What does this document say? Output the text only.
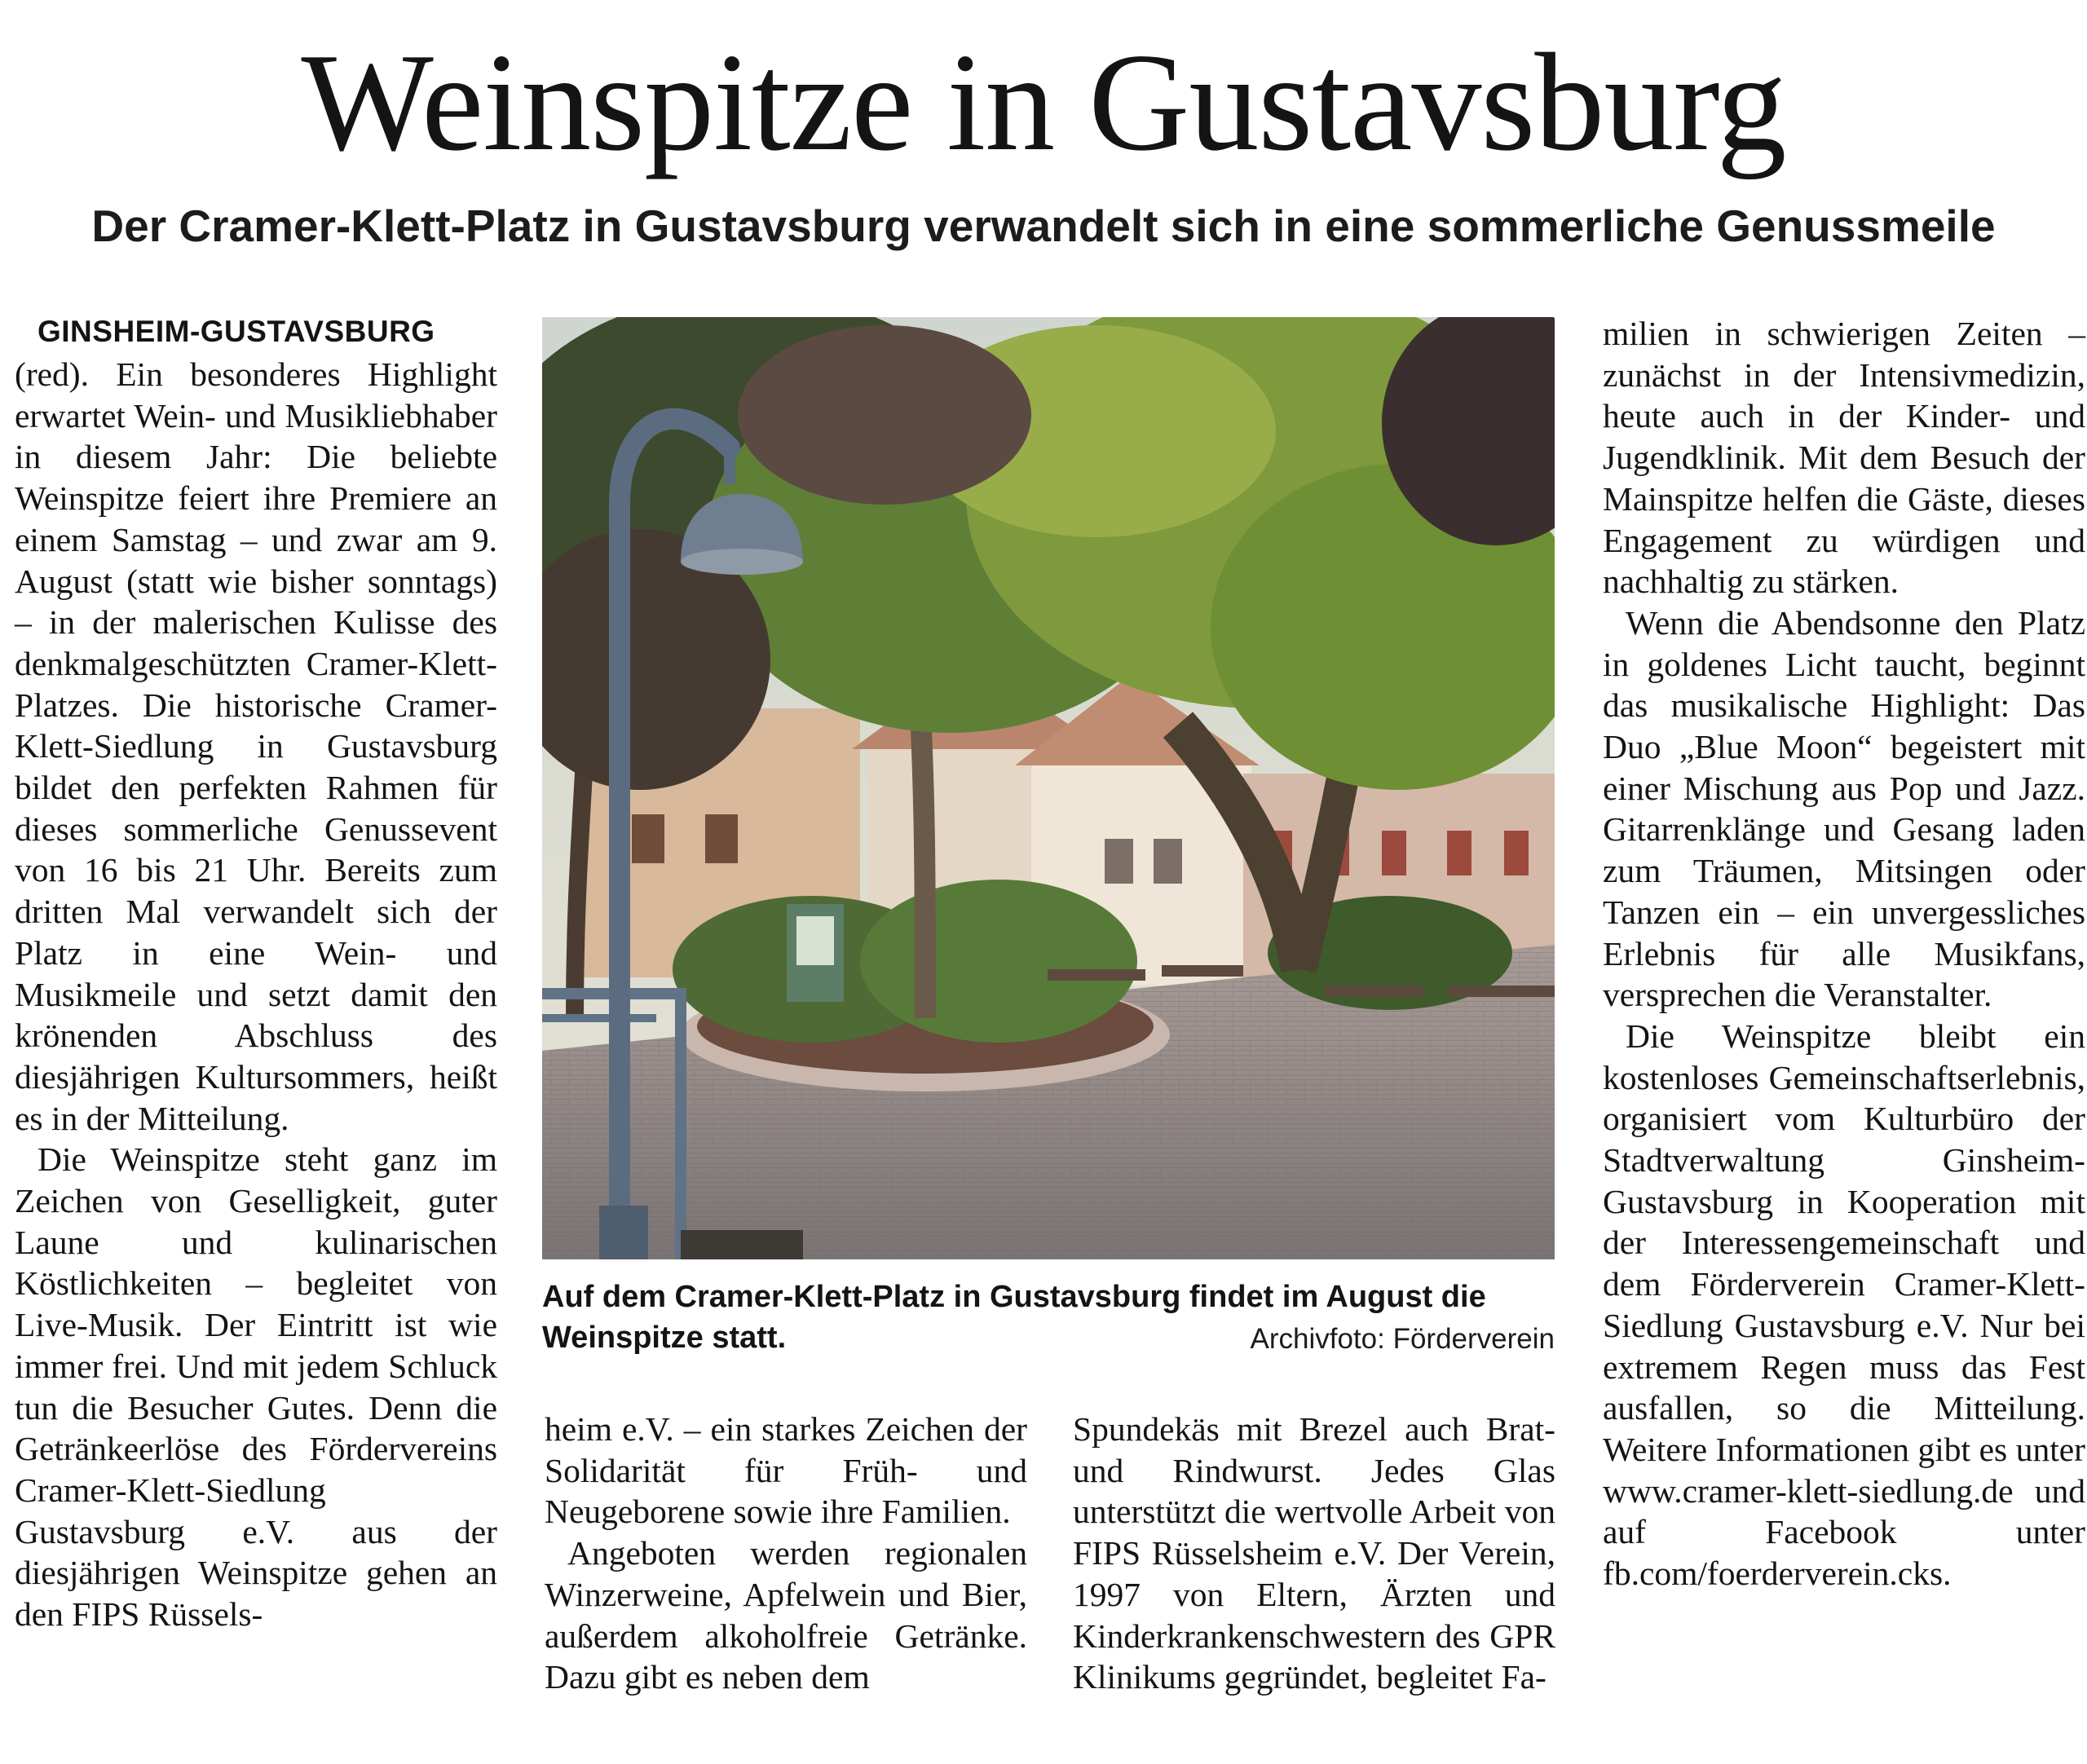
Weinspitze in Gustavsburg
Der Cramer-Klett-Platz in Gustavsburg verwandelt sich in eine sommerliche Genussmeile
GINSHEIM-GUSTAVSBURG

(red). Ein besonderes Highlight erwartet Wein- und Musikliebhaber in diesem Jahr: Die beliebte Weinspitze feiert ihre Premiere an einem Samstag – und zwar am 9. August (statt wie bisher sonntags) – in der malerischen Kulisse des denkmalgeschützten Cramer-Klett-Platzes. Die historische Cramer-Klett-Siedlung in Gustavsburg bildet den perfekten Rahmen für dieses sommerliche Genussevent von 16 bis 21 Uhr. Bereits zum dritten Mal verwandelt sich der Platz in eine Wein- und Musikmeile und setzt damit den krönenden Abschluss des diesjährigen Kultursommers, heißt es in der Mitteilung.

Die Weinspitze steht ganz im Zeichen von Geselligkeit, guter Laune und kulinarischen Köstlichkeiten – begleitet von Live-Musik. Der Eintritt ist wie immer frei. Und mit jedem Schluck tun die Besucher Gutes. Denn die Getränkeerlöse des Fördervereins Cramer-Klett-Siedlung Gustavsburg e.V. aus der diesjährigen Weinspitze gehen an den FIPS Rüssels-

Auf dem Cramer-Klett-Platz in Gustavsburg findet im August die
Weinspitze statt.	Archivfoto: Förderverein

heim e.V. – ein starkes Zeichen der Solidarität für Früh- und Neugeborene sowie ihre Familien.

Angeboten werden regionalen Winzerweine, Apfelwein und Bier, außerdem alkoholfreie Getränke. Dazu gibt es neben dem

Spundekäs mit Brezel auch Brat- und Rindwurst. Jedes Glas unterstützt die wertvolle Arbeit von FIPS Rüsselsheim e.V. Der Verein, 1997 von Eltern, Ärzten und Kinderkrankenschwestern des GPR Klinikums gegründet, begleitet Fa-

milien in schwierigen Zeiten – zunächst in der Intensivmedizin, heute auch in der Kinder- und Jugendklinik. Mit dem Besuch der Mainspitze helfen die Gäste, dieses Engagement zu würdigen und nachhaltig zu stärken.

Wenn die Abendsonne den Platz in goldenes Licht taucht, beginnt das musikalische Highlight: Das Duo „Blue Moon“ begeistert mit einer Mischung aus Pop und Jazz. Gitarrenklänge und Gesang laden zum Träumen, Mitsingen oder Tanzen ein – ein unvergessliches Erlebnis für alle Musikfans, versprechen die Veranstalter.

Die Weinspitze bleibt ein kostenloses Gemeinschaftserlebnis, organisiert vom Kulturbüro der Stadtverwaltung Ginsheim-Gustavsburg in Kooperation mit der Interessengemeinschaft und dem Förderverein Cramer-Klett-Siedlung Gustavsburg e.V. Nur bei extremem Regen muss das Fest ausfallen, so die Mitteilung. Weitere Informationen gibt es unter www.cramer-klett-siedlung.de und auf Facebook unter fb.com/foerderverein.cks.
